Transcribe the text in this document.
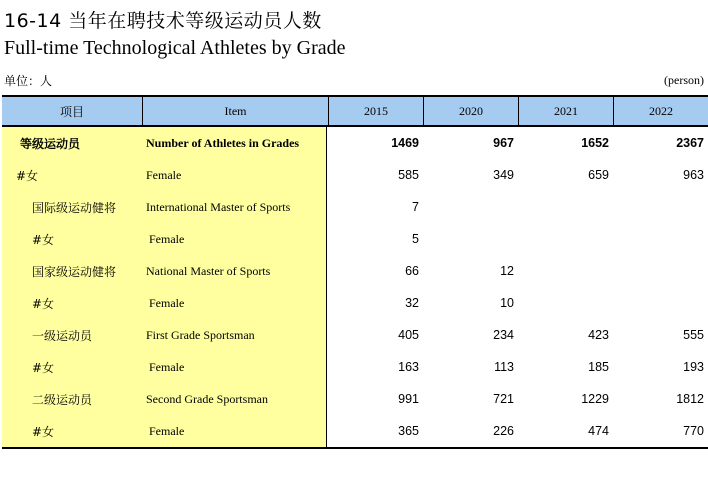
16-14 当年在聘技术等级运动员人数
Full-time Technological Athletes by Grade
单位：人	(person)
项目	Item	2015	2020	2021	2022
等级运动员	Number of Athletes in Grades	1469	967	1652	2367
#女	Female	585	349	659	963
国际级运动健将	International Master of Sports	7
#女	Female	5
国家级运动健将	National Master of Sports	66	12
#女	Female	32	10
一级运动员	First Grade Sportsman	405	234	423	555
#女	Female	163	113	185	193
二级运动员	Second Grade Sportsman	991	721	1229	1812
#女	Female	365	226	474	770
